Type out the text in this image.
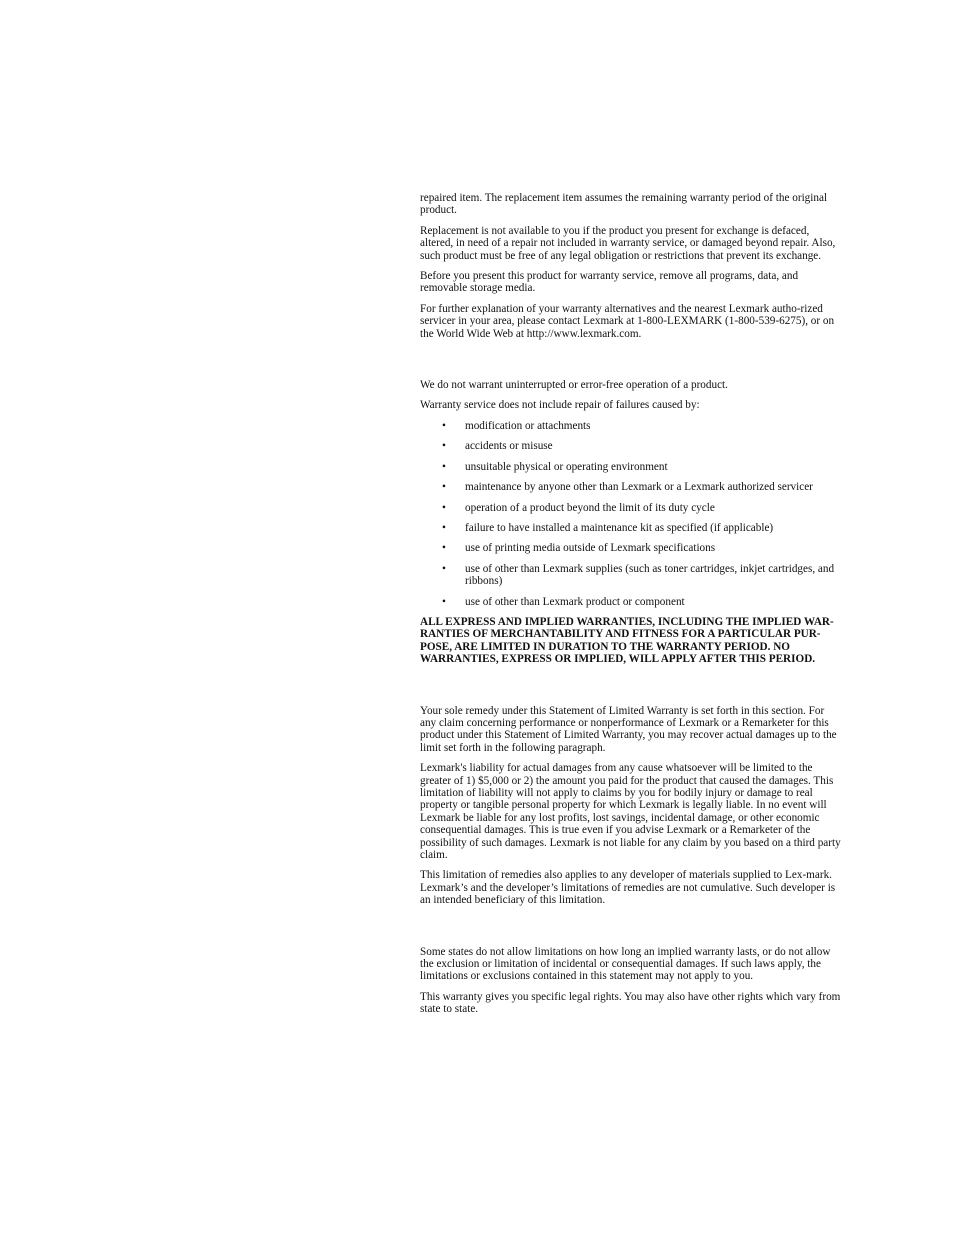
repaired item. The replacement item assumes the remaining warranty period of the original product.

Replacement is not available to you if the product you present for exchange is defaced, altered, in need of a repair not included in warranty service, or damaged beyond repair. Also, such product must be free of any legal obligation or restrictions that prevent its exchange.

Before you present this product for warranty service, remove all programs, data, and removable storage media.

For further explanation of your warranty alternatives and the nearest Lexmark autho-rized servicer in your area, please contact Lexmark at 1-800-LEXMARK (1-800-539-6275), or on the World Wide Web at http://www.lexmark.com.

We do not warrant uninterrupted or error-free operation of a product.

Warranty service does not include repair of failures caused by:

• modification or attachments
• accidents or misuse
• unsuitable physical or operating environment
• maintenance by anyone other than Lexmark or a Lexmark authorized servicer
• operation of a product beyond the limit of its duty cycle
• failure to have installed a maintenance kit as specified (if applicable)
• use of printing media outside of Lexmark specifications
• use of other than Lexmark supplies (such as toner cartridges, inkjet cartridges, and ribbons)
• use of other than Lexmark product or component

ALL EXPRESS AND IMPLIED WARRANTIES, INCLUDING THE IMPLIED WAR-RANTIES OF MERCHANTABILITY AND FITNESS FOR A PARTICULAR PUR-POSE, ARE LIMITED IN DURATION TO THE WARRANTY PERIOD. NO WARRANTIES, EXPRESS OR IMPLIED, WILL APPLY AFTER THIS PERIOD.

Your sole remedy under this Statement of Limited Warranty is set forth in this section. For any claim concerning performance or nonperformance of Lexmark or a Remarketer for this product under this Statement of Limited Warranty, you may recover actual damages up to the limit set forth in the following paragraph.

Lexmark's liability for actual damages from any cause whatsoever will be limited to the greater of 1) $5,000 or 2) the amount you paid for the product that caused the damages. This limitation of liability will not apply to claims by you for bodily injury or damage to real property or tangible personal property for which Lexmark is legally liable. In no event will Lexmark be liable for any lost profits, lost savings, incidental damage, or other economic consequential damages. This is true even if you advise Lexmark or a Remarketer of the possibility of such damages. Lexmark is not liable for any claim by you based on a third party claim.

This limitation of remedies also applies to any developer of materials supplied to Lex-mark. Lexmark’s and the developer’s limitations of remedies are not cumulative. Such developer is an intended beneficiary of this limitation.

Some states do not allow limitations on how long an implied warranty lasts, or do not allow the exclusion or limitation of incidental or consequential damages. If such laws apply, the limitations or exclusions contained in this statement may not apply to you.

This warranty gives you specific legal rights. You may also have other rights which vary from state to state.
